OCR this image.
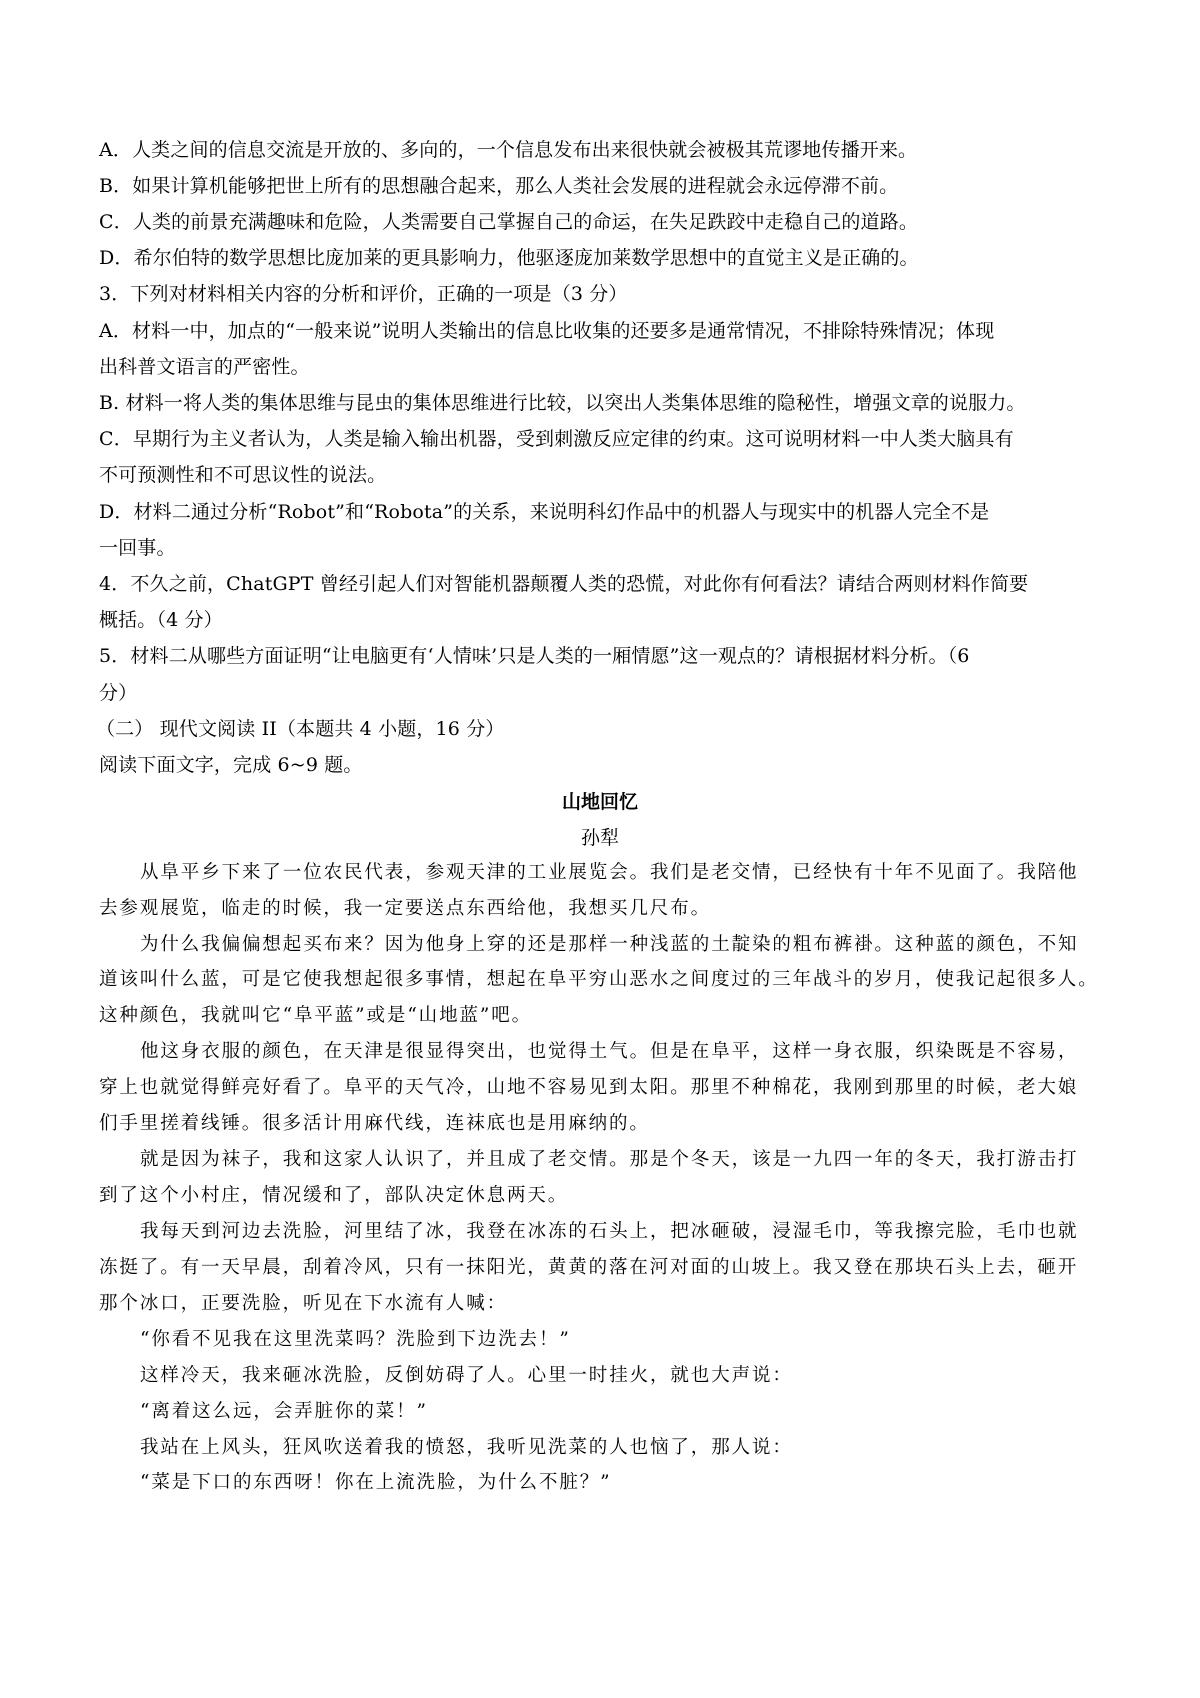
A．人类之间的信息交流是开放的、多向的，一个信息发布出来很快就会被极其荒谬地传播开来。
B．如果计算机能够把世上所有的思想融合起来，那么人类社会发展的进程就会永远停滞不前。
C．人类的前景充满趣味和危险，人类需要自己掌握自己的命运，在失足跌跤中走稳自己的道路。
D．希尔伯特的数学思想比庞加莱的更具影响力，他驱逐庞加莱数学思想中的直觉主义是正确的。
3．下列对材料相关内容的分析和评价，正确的一项是（3 分）
A．材料一中，加点的“一般来说”说明人类输出的信息比收集的还要多是通常情况，不排除特殊情况；体现
出科普文语言的严密性。
B. 材料一将人类的集体思维与昆虫的集体思维进行比较，以突出人类集体思维的隐秘性，增强文章的说服力。
C．早期行为主义者认为，人类是输入输出机器，受到刺激反应定律的约束。这可说明材料一中人类大脑具有
不可预测性和不可思议性的说法。
D．材料二通过分析“Robot”和“Robota”的关系，来说明科幻作品中的机器人与现实中的机器人完全不是
一回事。
4．不久之前，ChatGPT 曾经引起人们对智能机器颠覆人类的恐慌，对此你有何看法？请结合两则材料作简要
概括。（4 分）
5．材料二从哪些方面证明“让电脑更有‘人情味’只是人类的一厢情愿”这一观点的？请根据材料分析。（6
分）
（二） 现代文阅读 II（本题共 4 小题，16 分）
阅读下面文字，完成 6~9 题。
山地回忆
孙犁
从阜平乡下来了一位农民代表，参观天津的工业展览会。我们是老交情，已经快有十年不见面了。我陪他
去参观展览，临走的时候，我一定要送点东西给他，我想买几尺布。
为什么我偏偏想起买布来？因为他身上穿的还是那样一种浅蓝的土靛染的粗布裤褂。这种蓝的颜色，不知
道该叫什么蓝，可是它使我想起很多事情，想起在阜平穷山恶水之间度过的三年战斗的岁月，使我记起很多人。
这种颜色，我就叫它“阜平蓝”或是“山地蓝”吧。
他这身衣服的颜色，在天津是很显得突出，也觉得土气。但是在阜平，这样一身衣服，织染既是不容易，
穿上也就觉得鲜亮好看了。阜平的天气冷，山地不容易见到太阳。那里不种棉花，我刚到那里的时候，老大娘
们手里搓着线锤。很多活计用麻代线，连袜底也是用麻纳的。
就是因为袜子，我和这家人认识了，并且成了老交情。那是个冬天，该是一九四一年的冬天，我打游击打
到了这个小村庄，情况缓和了，部队决定休息两天。
我每天到河边去洗脸，河里结了冰，我登在冰冻的石头上，把冰砸破，浸湿毛巾，等我擦完脸，毛巾也就
冻挺了。有一天早晨，刮着冷风，只有一抹阳光，黄黄的落在河对面的山坡上。我又登在那块石头上去，砸开
那个冰口，正要洗脸，听见在下水流有人喊：
“你看不见我在这里洗菜吗？洗脸到下边洗去！”
这样冷天，我来砸冰洗脸，反倒妨碍了人。心里一时挂火，就也大声说：
“离着这么远，会弄脏你的菜！”
我站在上风头，狂风吹送着我的愤怒，我听见洗菜的人也恼了，那人说：
“菜是下口的东西呀！你在上流洗脸，为什么不脏？”
